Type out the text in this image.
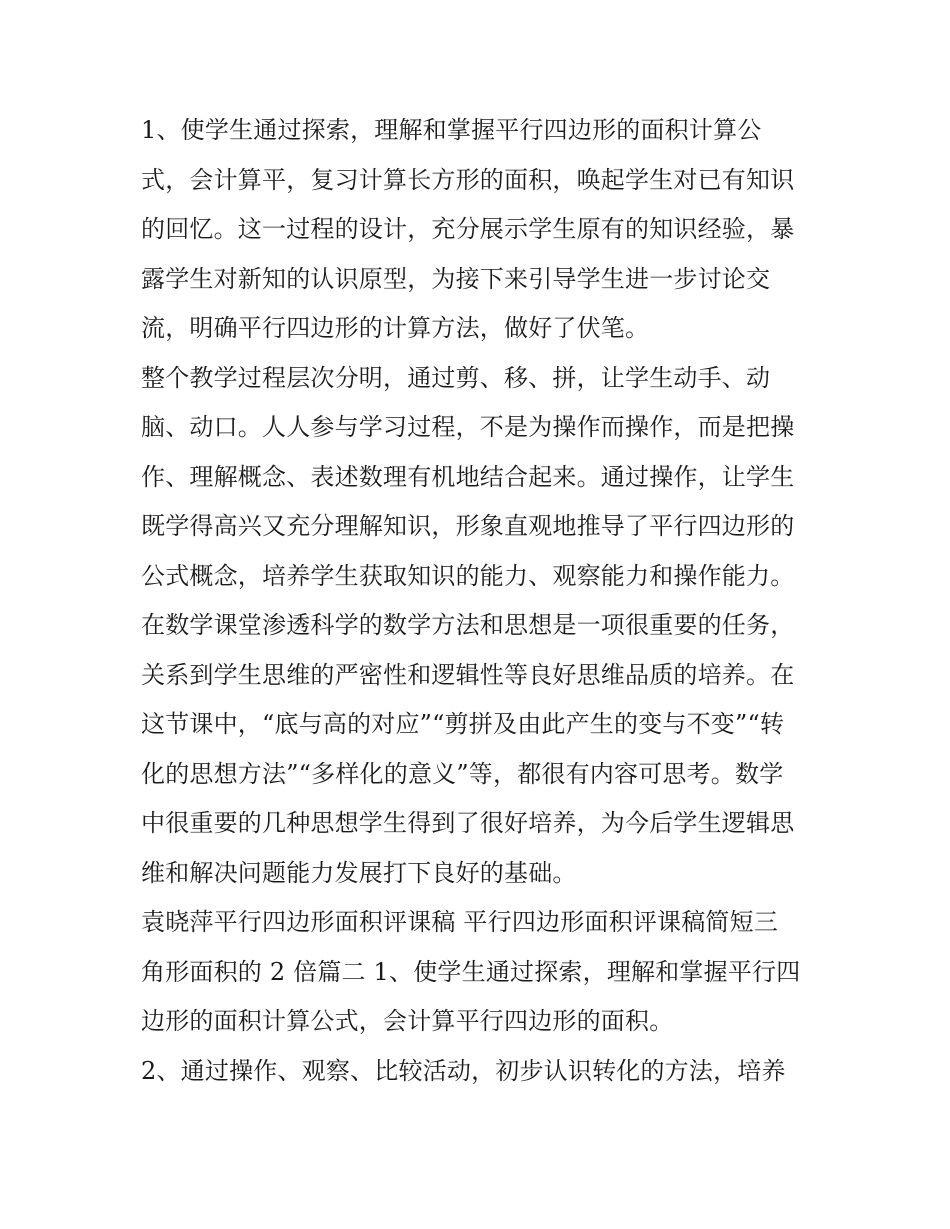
1、使学生通过探索，理解和掌握平行四边形的面积计算公
式，会计算平，复习计算长方形的面积，唤起学生对已有知识
的回忆。这一过程的设计，充分展示学生原有的知识经验，暴
露学生对新知的认识原型，为接下来引导学生进一步讨论交
流，明确平行四边形的计算方法，做好了伏笔。
整个教学过程层次分明，通过剪、移、拼，让学生动手、动
脑、动口。人人参与学习过程，不是为操作而操作，而是把操
作、理解概念、表述数理有机地结合起来。通过操作，让学生
既学得高兴又充分理解知识，形象直观地推导了平行四边形的
公式概念，培养学生获取知识的能力、观察能力和操作能力。
在数学课堂渗透科学的数学方法和思想是一项很重要的任务，
关系到学生思维的严密性和逻辑性等良好思维品质的培养。在
这节课中，“底与高的对应”“剪拼及由此产生的变与不变”“转
化的思想方法”“多样化的意义”等，都很有内容可思考。数学
中很重要的几种思想学生得到了很好培养，为今后学生逻辑思
维和解决问题能力发展打下良好的基础。
袁晓萍平行四边形面积评课稿 平行四边形面积评课稿简短三
角形面积的 2 倍篇二 1、使学生通过探索，理解和掌握平行四
边形的面积计算公式，会计算平行四边形的面积。
2、通过操作、观察、比较活动，初步认识转化的方法，培养
